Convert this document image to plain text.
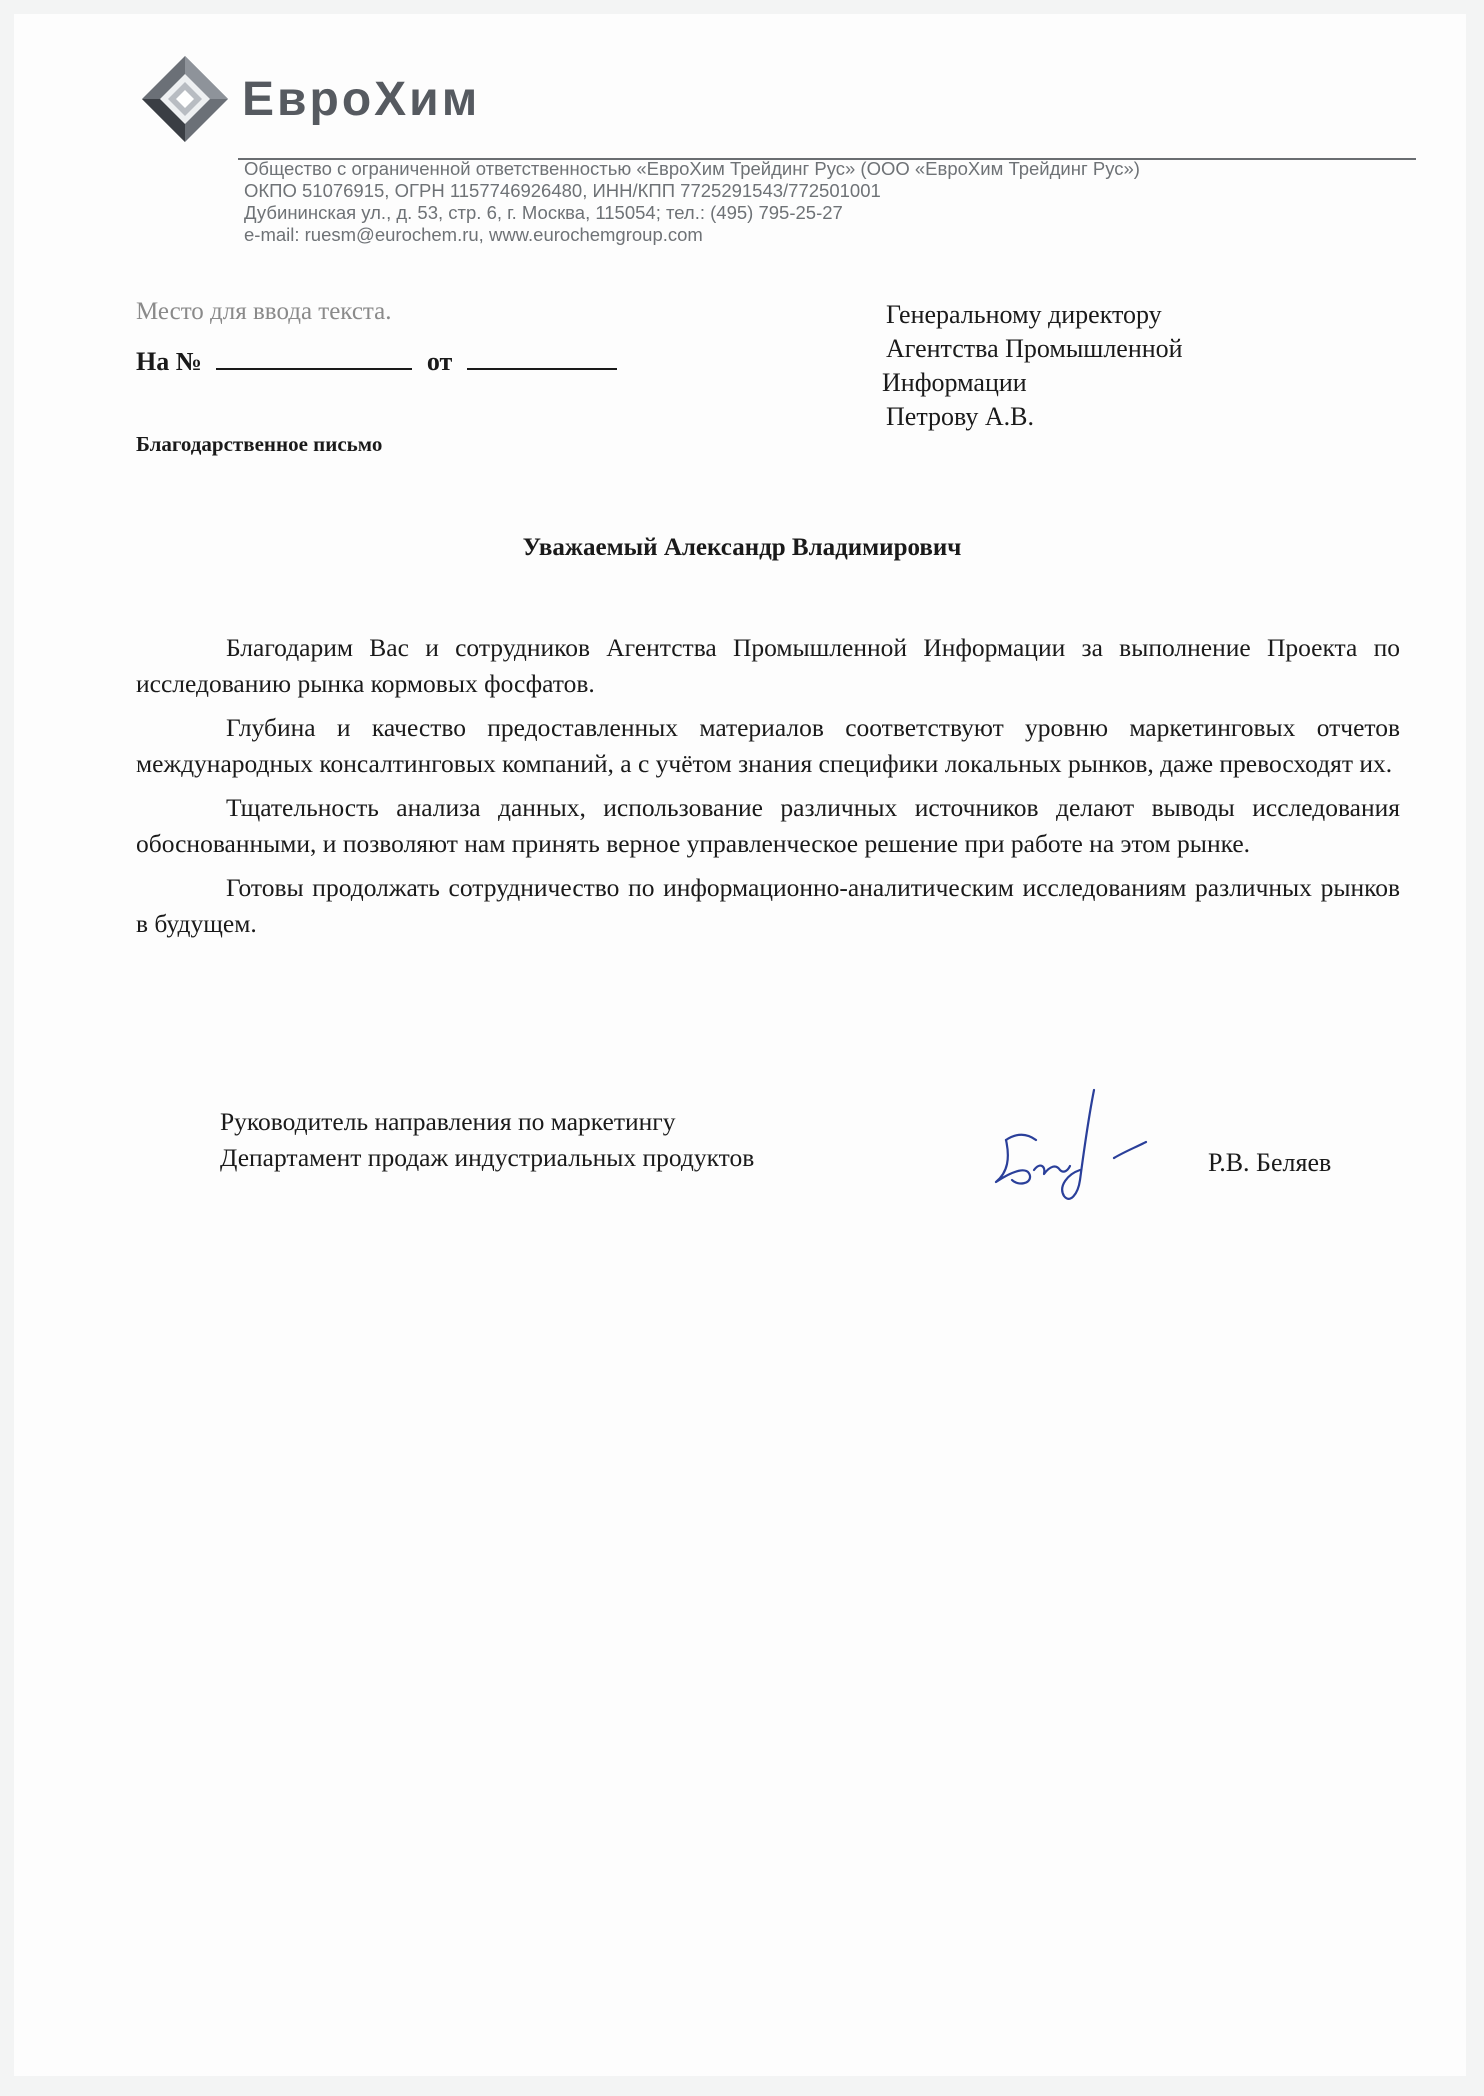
ЕвроХим
Общество с ограниченной ответственностью «ЕвроХим Трейдинг Рус» (ООО «ЕвроХим Трейдинг Рус»)
ОКПО 51076915, ОГРН 1157746926480, ИНН/КПП 7725291543/772501001
Дубининская ул., д. 53, стр. 6, г. Москва, 115054; тел.: (495) 795-25-27
e-mail: ruesm@eurochem.ru, www.eurochemgroup.com
Место для ввода текста.
На №	от
Благодарственное письмо
Генеральному директору
Агентства Промышленной
Информации
Петрову А.В.
Уважаемый Александр Владимирович

Благодарим Вас и сотрудников Агентства Промышленной Информации за выполнение Проекта по исследованию рынка кормовых фосфатов.

Глубина и качество предоставленных материалов соответствуют уровню маркетинговых отчетов международных консалтинговых компаний, а с учётом знания специфики локальных рынков, даже превосходят их.

Тщательность анализа данных, использование различных источников делают выводы исследования обоснованными, и позволяют нам принять верное управленческое решение при работе на этом рынке.

Готовы продолжать сотрудничество по информационно-аналитическим исследованиям различных рынков в будущем.

Руководитель направления по маркетингу
Департамент продаж индустриальных продуктов	Р.В. Беляев
